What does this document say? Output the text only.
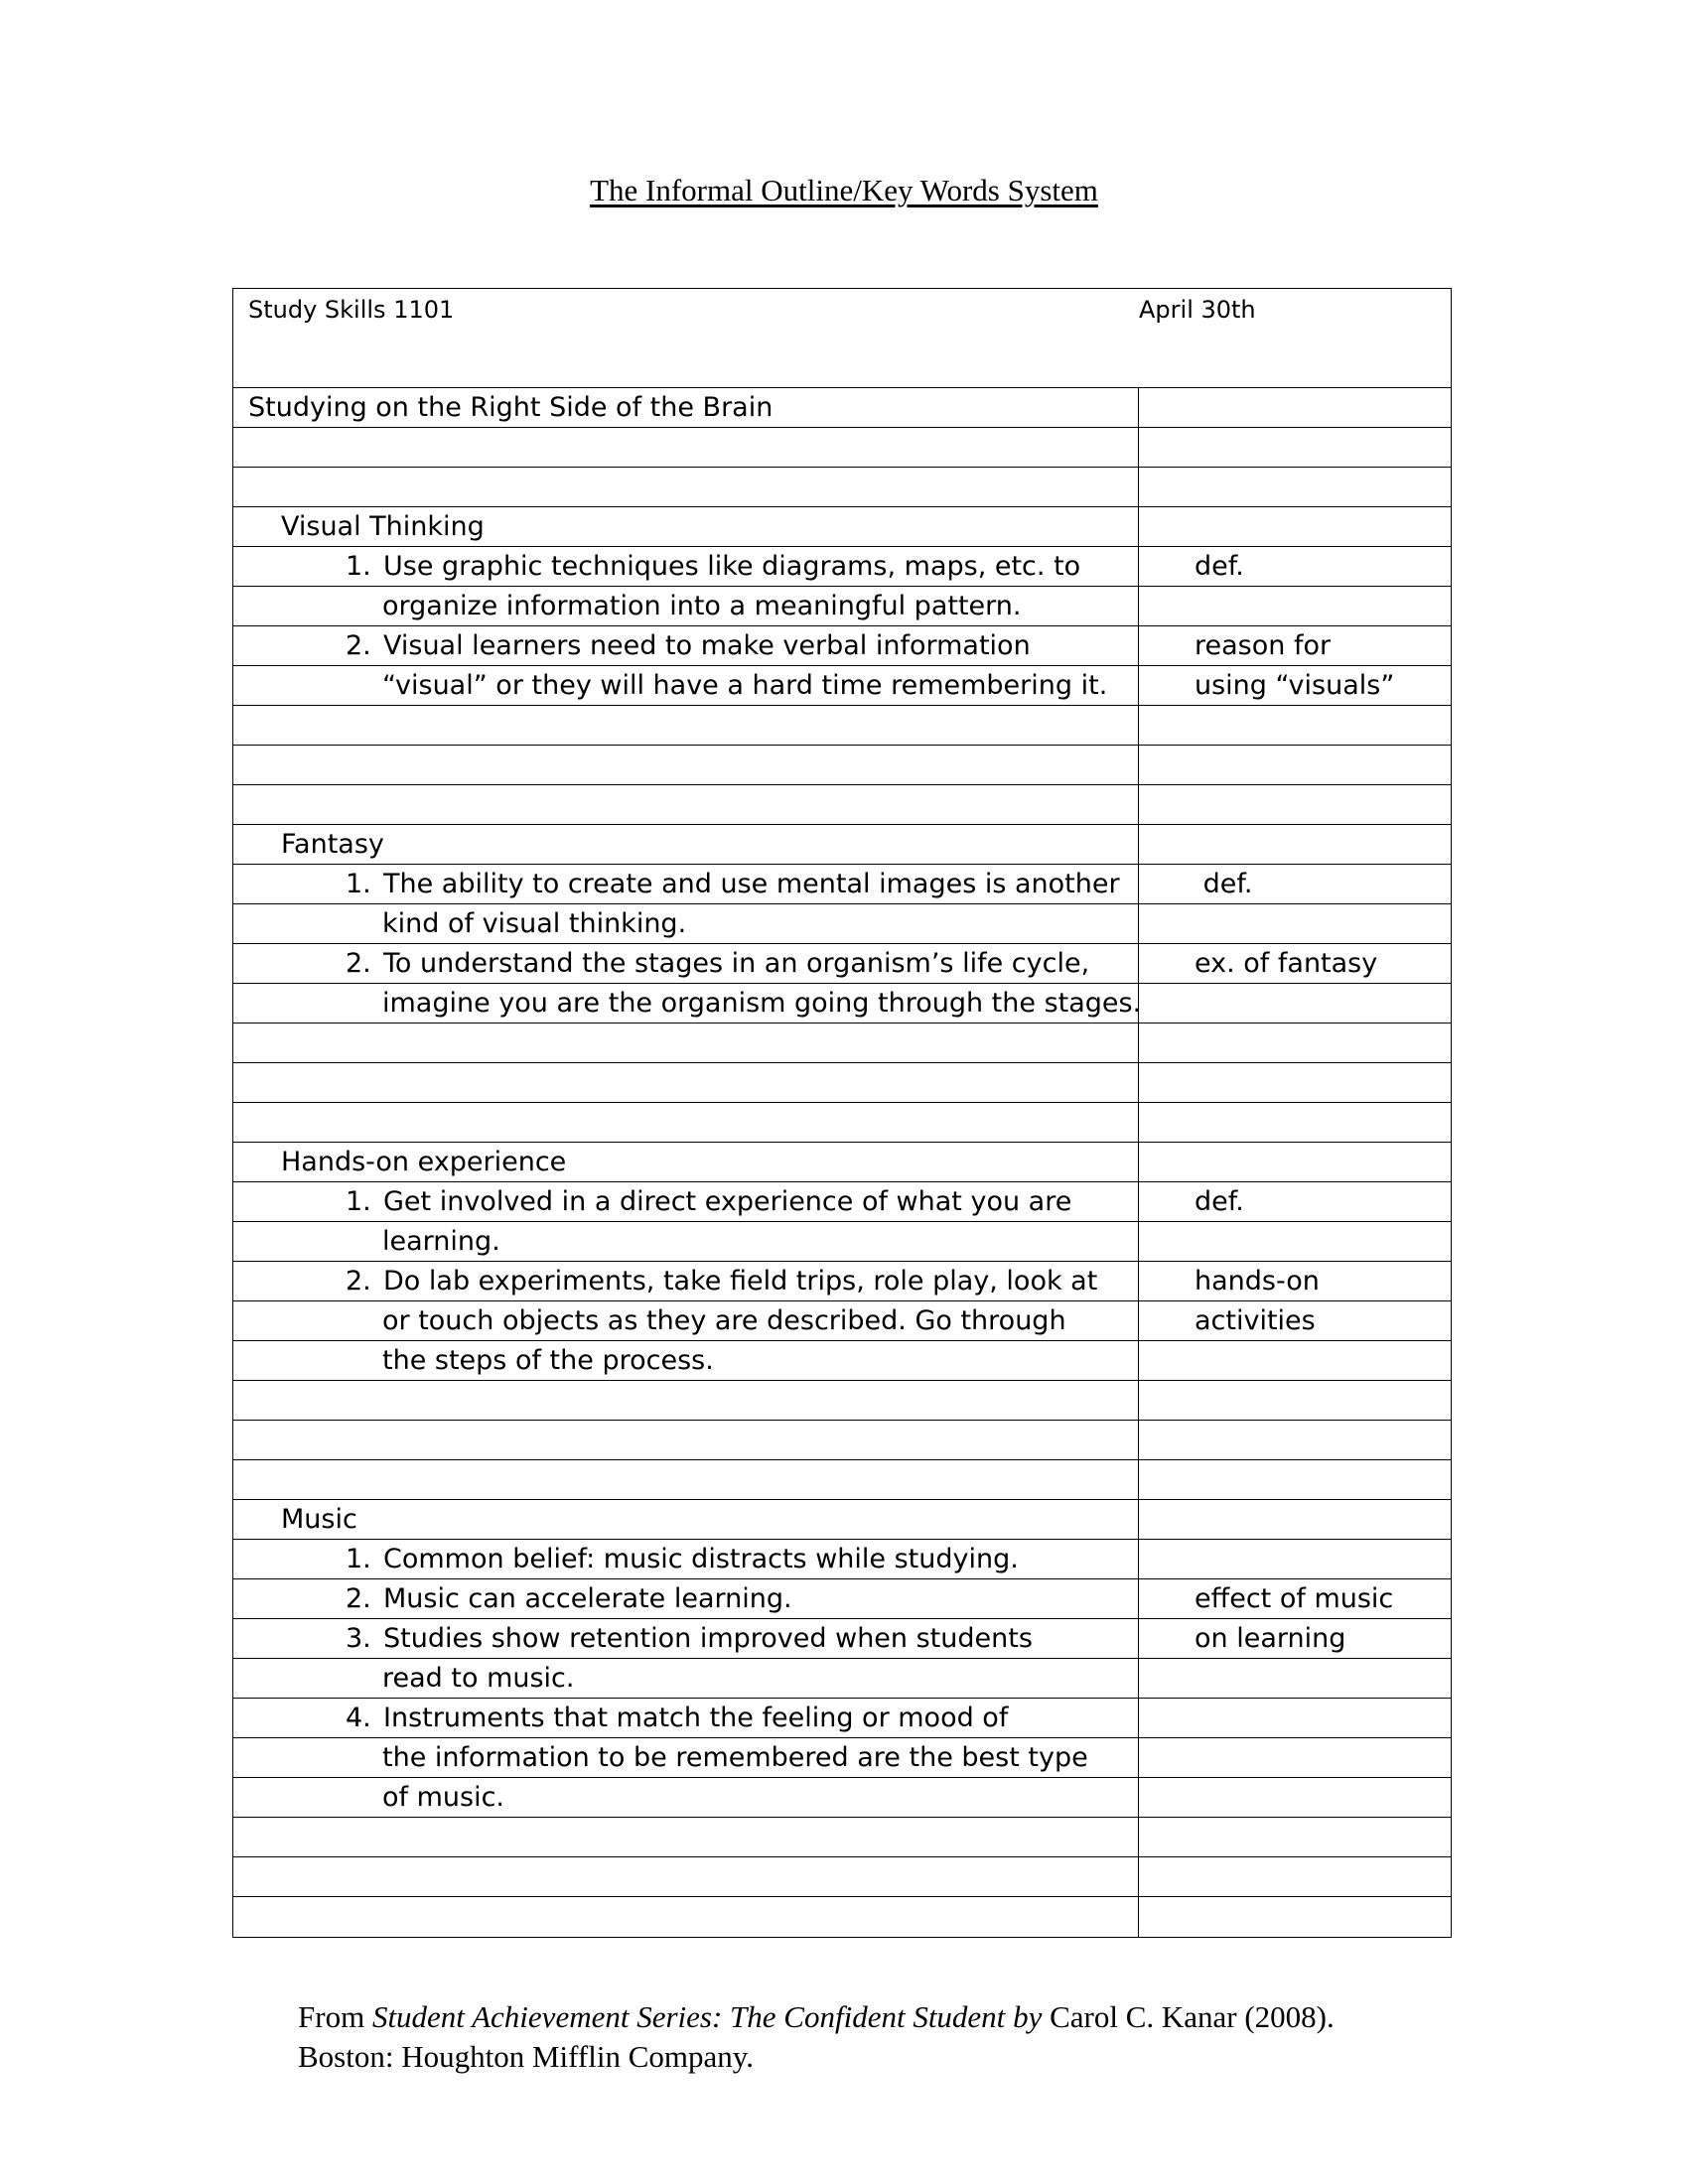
The Informal Outline/Key Words System
Study Skills 1101	April 30th
Studying on the Right Side of the Brain
Visual Thinking
1. Use graphic techniques like diagrams, maps, etc. to	def.
organize information into a meaningful pattern.
2. Visual learners need to make verbal information	reason for
“visual” or they will have a hard time remembering it.	using “visuals”
Fantasy
1. The ability to create and use mental images is another	def.
kind of visual thinking.
2. To understand the stages in an organism’s life cycle,	ex. of fantasy
imagine you are the organism going through the stages.
Hands-on experience
1. Get involved in a direct experience of what you are	def.
learning.
2. Do lab experiments, take field trips, role play, look at	hands-on
or touch objects as they are described. Go through	activities
the steps of the process.
Music
1. Common belief: music distracts while studying.
2. Music can accelerate learning.	effect of music
3. Studies show retention improved when students	on learning
read to music.
4. Instruments that match the feeling or mood of
the information to be remembered are the best type
of music.
From Student Achievement Series: The Confident Student by Carol C. Kanar (2008).
Boston: Houghton Mifflin Company.
